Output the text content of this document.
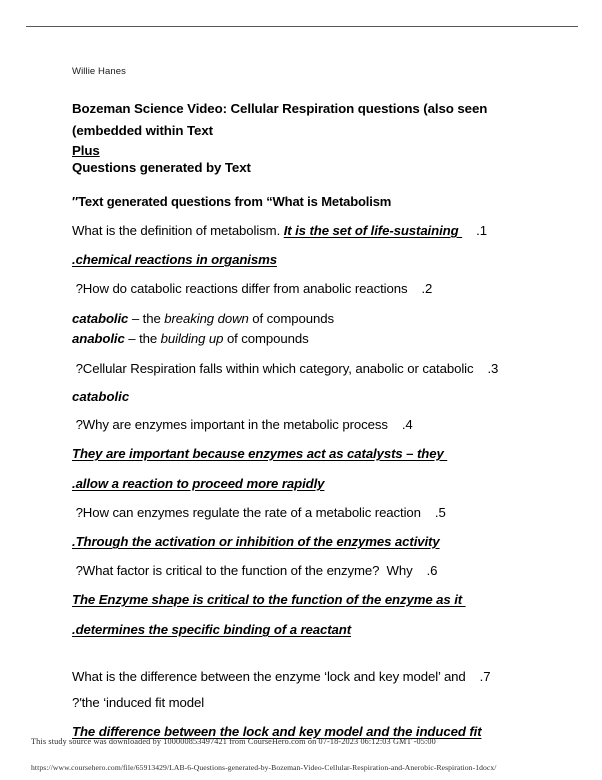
Willie Hanes
Bozeman Science Video: Cellular Respiration questions (also seen
(embedded within Text
Plus
Questions generated by Text
″Text generated questions from “What is Metabolism
What is the definition of metabolism. It is the set of life-sustaining .1
.chemical reactions in organisms
?How do catabolic reactions differ from anabolic reactions .2
catabolic – the breaking down of compounds
anabolic – the building up of compounds
?Cellular Respiration falls within which category, anabolic or catabolic .3
catabolic
?Why are enzymes important in the metabolic process .4
They are important because enzymes act as catalysts – they
.allow a reaction to proceed more rapidly
?How can enzymes regulate the rate of a metabolic reaction .5
.Through the activation or inhibition of the enzymes activity
?What factor is critical to the function of the enzyme?  Why .6
The Enzyme shape is critical to the function of the enzyme as it
.determines the specific binding of a reactant
What is the difference between the enzyme ‘lock and key model’ and .7
?′the ‘induced fit model
The difference between the lock and key model and the induced fit
This study source was downloaded by 100000853497421 from CourseHero.com on 07-18-2023 06:12:03 GMT -05:00
https://www.coursehero.com/file/65913429/LAB-6-Questions-generated-by-Bozeman-Video-Cellular-Respiration-and-Anerobic-Respiration-1docx/
